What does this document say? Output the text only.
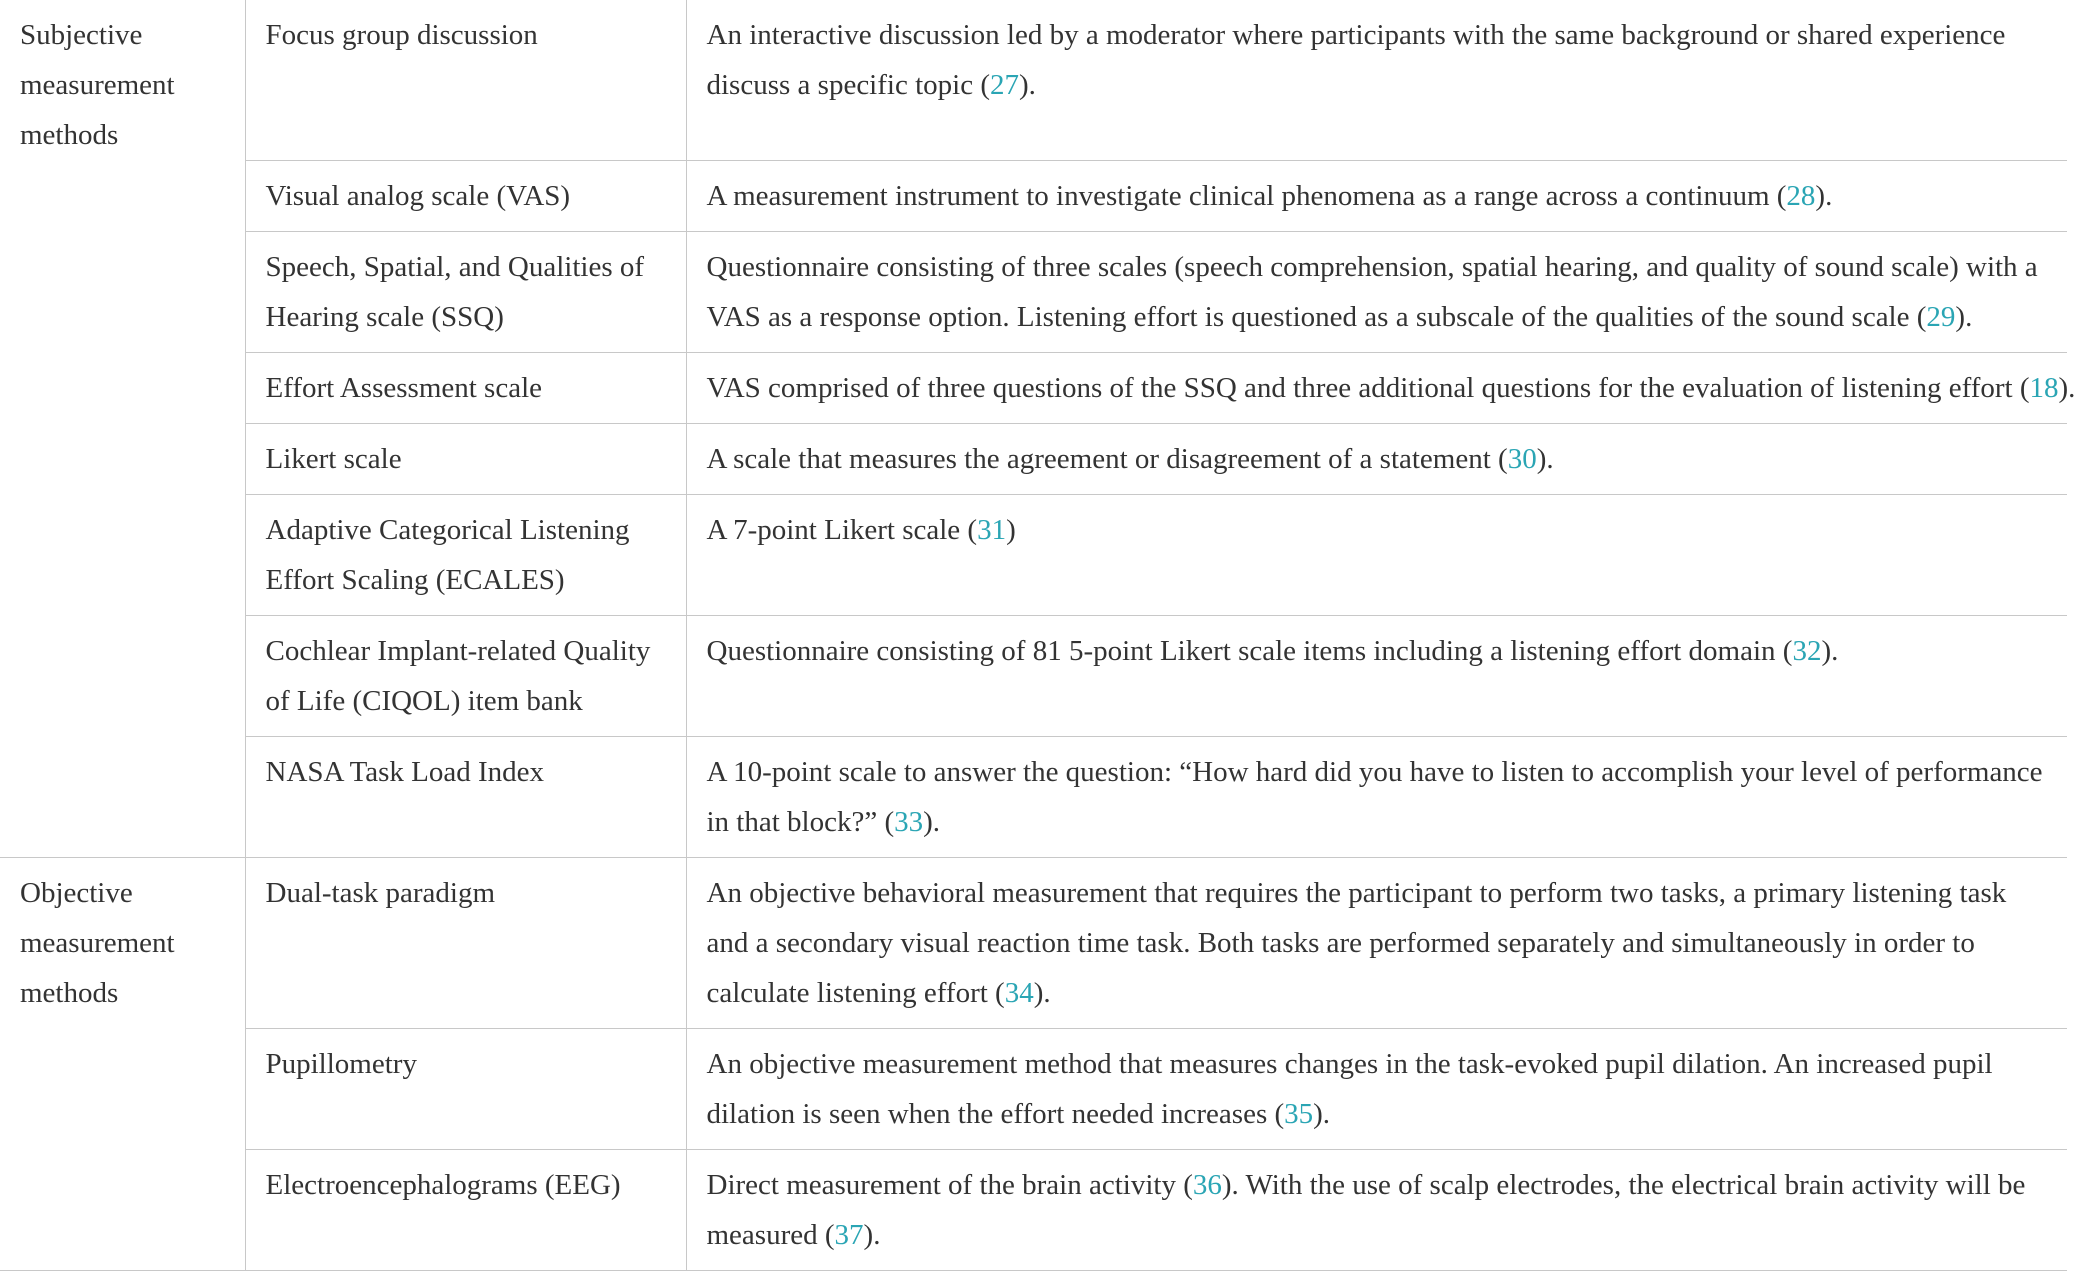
Subjective measurement methods	Focus group discussion	An interactive discussion led by a moderator where participants with the same background or shared experience discuss a specific topic (27).
	Visual analog scale (VAS)	A measurement instrument to investigate clinical phenomena as a range across a continuum (28).
	Speech, Spatial, and Qualities of Hearing scale (SSQ)	Questionnaire consisting of three scales (speech comprehension, spatial hearing, and quality of sound scale) with a VAS as a response option. Listening effort is questioned as a subscale of the qualities of the sound scale (29).
	Effort Assessment scale	VAS comprised of three questions of the SSQ and three additional questions for the evaluation of listening effort (18).
	Likert scale	A scale that measures the agreement or disagreement of a statement (30).
	Adaptive Categorical Listening Effort Scaling (ECALES)	A 7-point Likert scale (31)
	Cochlear Implant-related Quality of Life (CIQOL) item bank	Questionnaire consisting of 81 5-point Likert scale items including a listening effort domain (32).
	NASA Task Load Index	A 10-point scale to answer the question: “How hard did you have to listen to accomplish your level of performance in that block?” (33).
Objective measurement methods	Dual-task paradigm	An objective behavioral measurement that requires the participant to perform two tasks, a primary listening task and a secondary visual reaction time task. Both tasks are performed separately and simultaneously in order to calculate listening effort (34).
	Pupillometry	An objective measurement method that measures changes in the task-evoked pupil dilation. An increased pupil dilation is seen when the effort needed increases (35).
	Electroencephalograms (EEG)	Direct measurement of the brain activity (36). With the use of scalp electrodes, the electrical brain activity will be measured (37).
